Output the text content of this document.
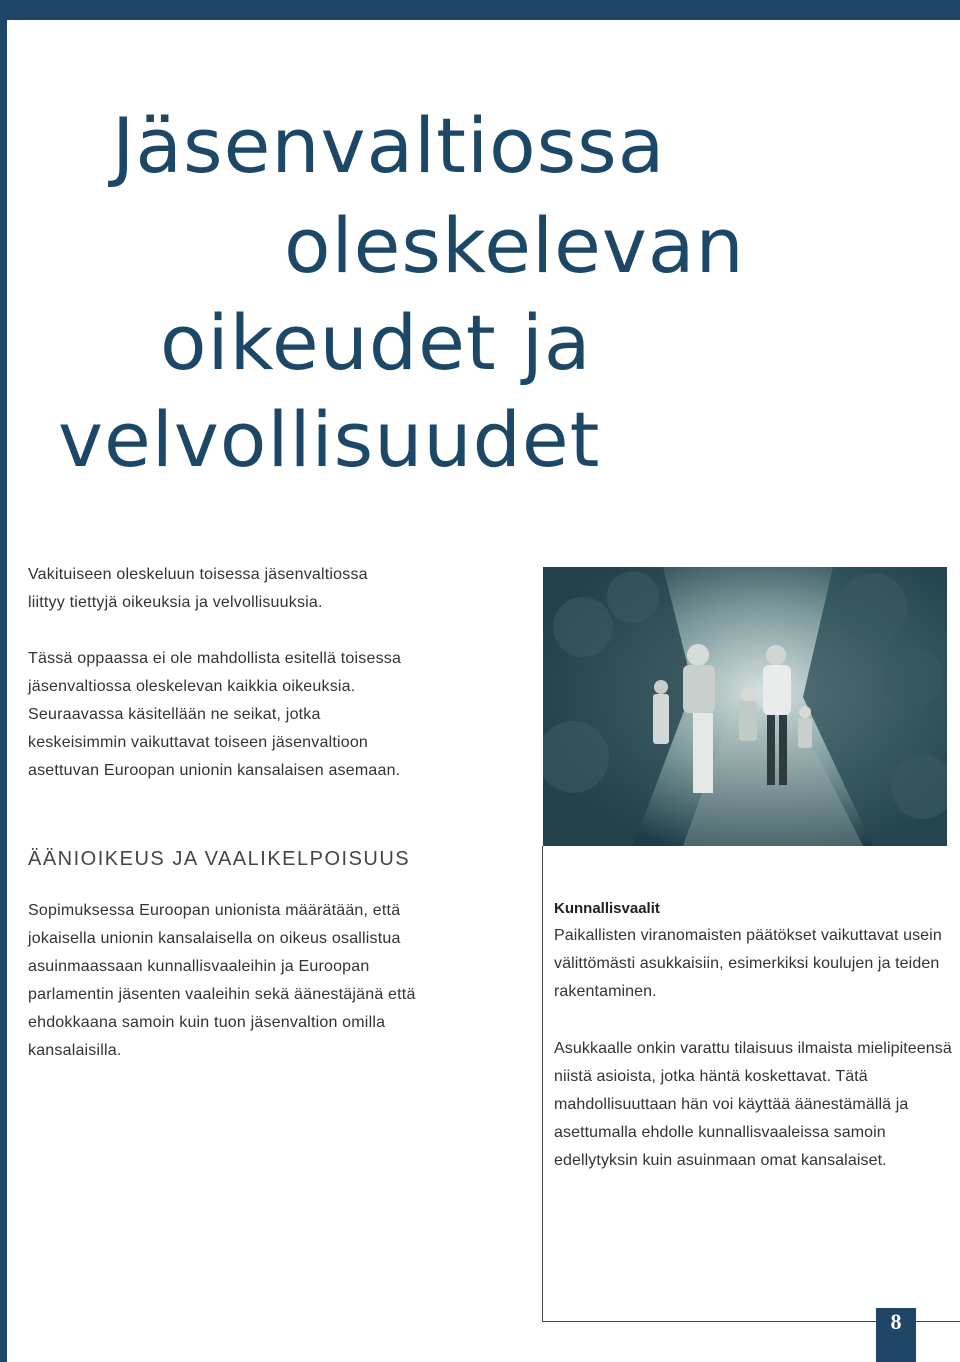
Jäsenvaltiossa
oleskelevan
oikeudet ja
velvollisuudet

Vakituiseen oleskeluun toisessa jäsenvaltiossa liittyy tiettyjä oikeuksia ja velvollisuuksia.

Tässä oppaassa ei ole mahdollista esitellä toisessa jäsenvaltiossa oleskelevan kaikkia oikeuksia. Seuraavassa käsitellään ne seikat, jotka keskeisimmin vaikuttavat toiseen jäsenvaltioon asettuvan Euroopan unionin kansalaisen asemaan.

ÄÄNIOIKEUS JA VAALIKELPOISUUS

Sopimuksessa Euroopan unionista määrätään, että jokaisella unionin kansalaisella on oikeus osallistua asuinmaassaan kunnallisvaaleihin ja Euroopan parlamentin jäsenten vaaleihin sekä äänestäjänä että ehdokkaana samoin kuin tuon jäsenvaltion omilla kansalaisilla.

Kunnallisvaalit

Paikallisten viranomaisten päätökset vaikuttavat usein välittömästi asukkaisiin, esimerkiksi koulujen ja teiden rakentaminen.

Asukkaalle onkin varattu tilaisuus ilmaista mielipiteensä niistä asioista, jotka häntä koskettavat. Tätä mahdollisuuttaan hän voi käyttää äänestämällä ja asettumalla ehdolle kunnallisvaaleissa samoin edellytyksin kuin asuinmaan omat kansalaiset.

8
